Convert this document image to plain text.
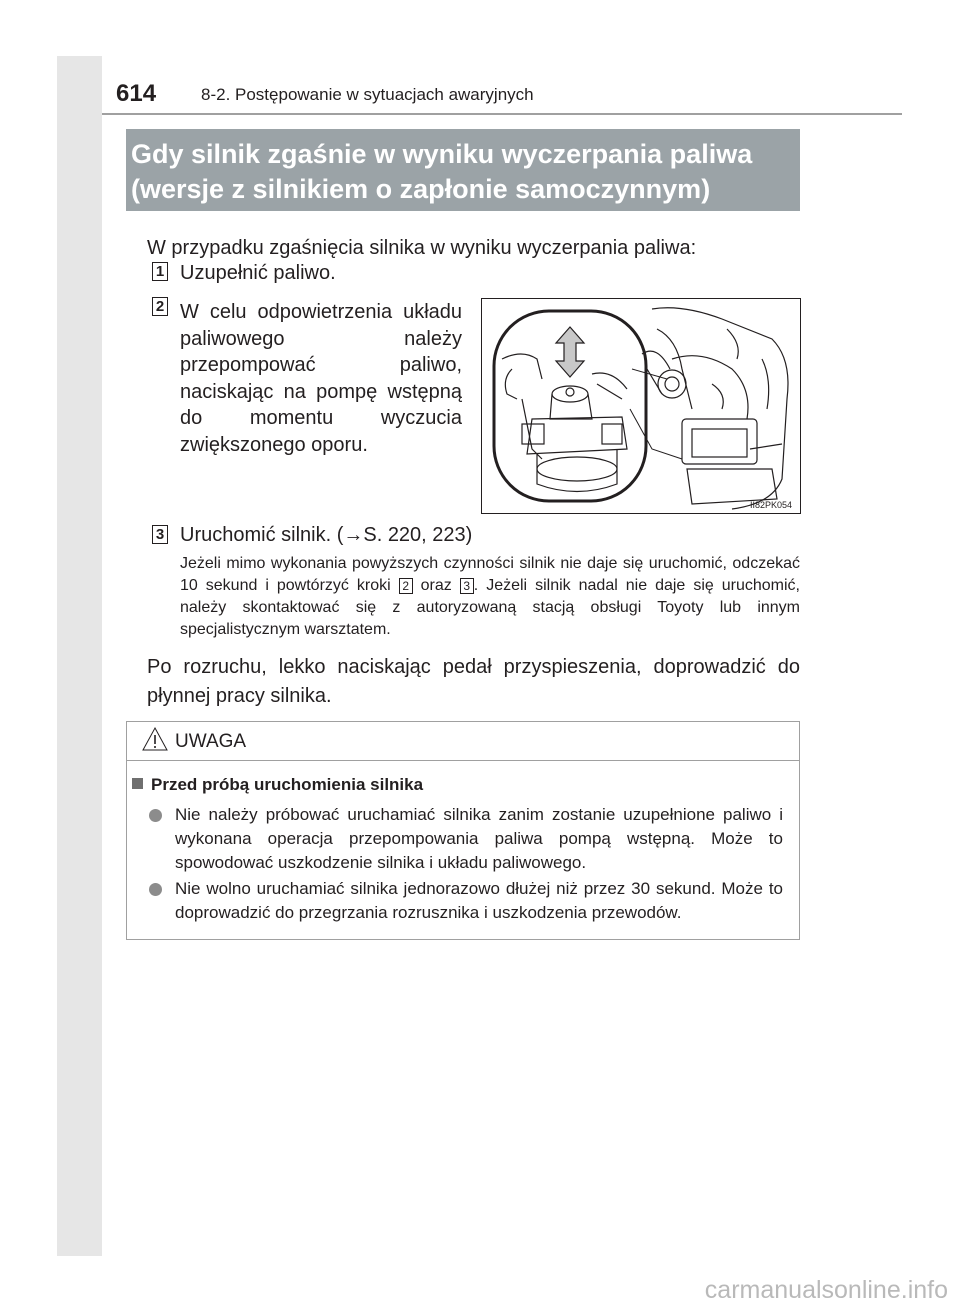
614	8-2. Postępowanie w sytuacjach awaryjnych
Gdy silnik zgaśnie w wyniku wyczerpania paliwa
(wersje z silnikiem o zapłonie samoczynnym)
W przypadku zgaśnięcia silnika w wyniku wyczerpania paliwa:
1 Uzupełnić paliwo.
2 W celu odpowietrzenia układu paliwowego należy przepompować paliwo, naciskając na pompę wstępną do momentu wyczucia zwiększonego oporu.
II82PK054
3 Uruchomić silnik. (→S. 220, 223)
Jeżeli mimo wykonania powyższych czynności silnik nie daje się uruchomić, odczekać 10 sekund i powtórzyć kroki 2 oraz 3 . Jeżeli silnik nadal nie daje się uruchomić, należy skontaktować się z autoryzowaną stacją obsługi Toyoty lub innym specjalistycznym warsztatem.
Po rozruchu, lekko naciskając pedał przyspieszenia, doprowadzić do płynnej pracy silnika.
UWAGA
Przed próbą uruchomienia silnika
Nie należy próbować uruchamiać silnika zanim zostanie uzupełnione paliwo i wykonana operacja przepompowania paliwa pompą wstępną. Może to spowodować uszkodzenie silnika i układu paliwowego.
Nie wolno uruchamiać silnika jednorazowo dłużej niż przez 30 sekund. Może to doprowadzić do przegrzania rozrusznika i uszkodzenia przewodów.
carmanualsonline.info
